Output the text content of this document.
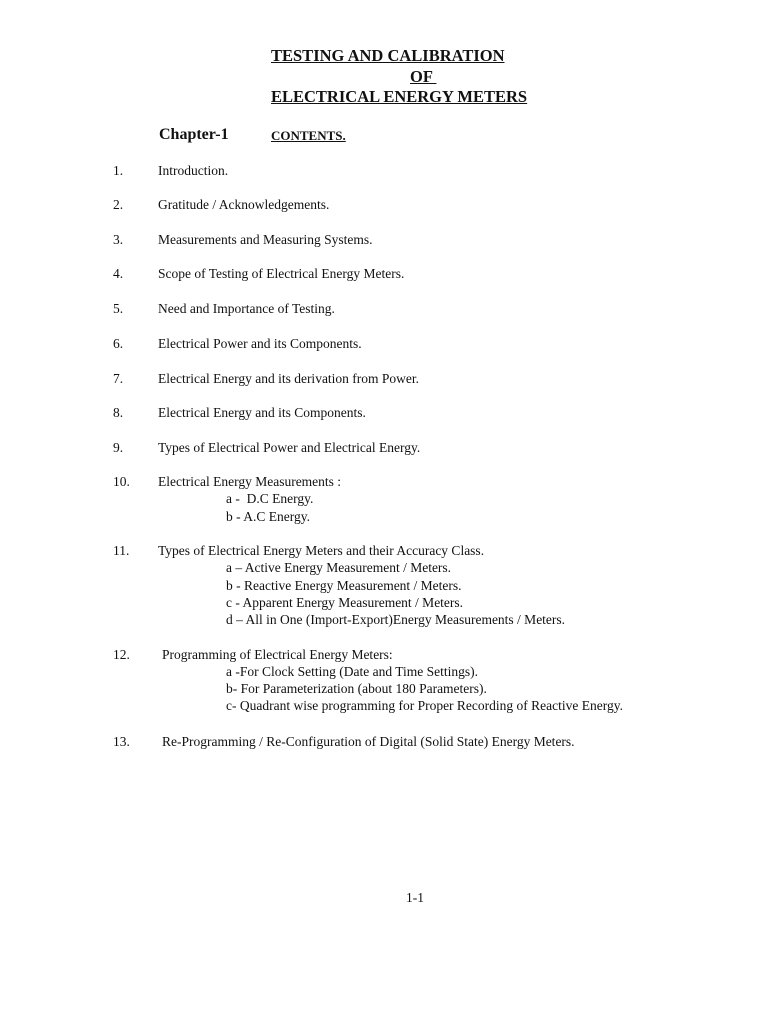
TESTING AND CALIBRATION
OF
ELECTRICAL ENERGY METERS
Chapter-1	CONTENTS.
1.	Introduction.
2.	Gratitude / Acknowledgements.
3.	Measurements and Measuring Systems.
4.	Scope of Testing of Electrical Energy Meters.
5.	Need and Importance of Testing.
6.	Electrical Power and its Components.
7.	Electrical Energy and its derivation from Power.
8.	Electrical Energy and its Components.
9.	Types of Electrical Power and Electrical Energy.
10. Electrical Energy Measurements :
a -  D.C Energy.
b - A.C Energy.
11. Types of Electrical Energy Meters and their Accuracy Class.
a – Active Energy Measurement / Meters.
b - Reactive Energy Measurement / Meters.
c - Apparent Energy Measurement / Meters.
d – All in One (Import-Export)Energy Measurements / Meters.
12. Programming of Electrical Energy Meters:
a -For Clock Setting (Date and Time Settings).
b- For Parameterization (about 180 Parameters).
c- Quadrant wise programming for Proper Recording of Reactive Energy.
13. Re-Programming / Re-Configuration of Digital (Solid State) Energy Meters.
1-1
